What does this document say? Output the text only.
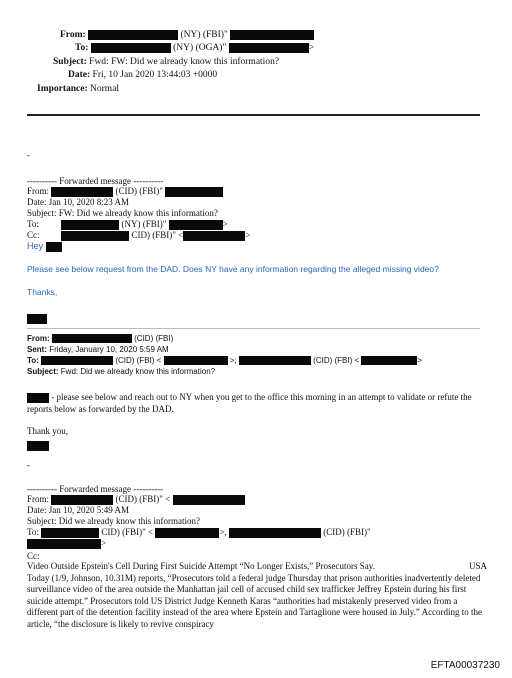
From:	(NY) (FBI)"
To:	(NY) (OGA)"	>
Subject: Fwd: FW: Did we already know this information?
Date: Fri, 10 Jan 2020 13:44:03 +0000
Importance: Normal
-
---------- Forwarded message ----------
From:	(CID) (FBI)"
Date: Jan 10, 2020 8:23 AM
Subject: FW: Did we already know this information?
To:	(NY) (FBI)"	>
Cc:	CID) (FBI)" <	>
Hey
Please see below request from the DAD. Does NY have any information regarding the alleged missing video?
Thanks,
From:	(CID) (FBI)
Sent: Friday, January 10, 2020 5:59 AM
To:	(CID) (FBI) <	>;	(CID) (FBI) <	>
Subject: Fwd: Did we already know this information?
- please see below and reach out to NY when you get to the office this morning in an attempt to validate or refute the reports below as forwarded by the DAD.
Thank you,
-
---------- Forwarded message ----------
From:	(CID) (FBI)" <
Date: Jan 10, 2020 5:49 AM
Subject: Did we already know this information?
To:	CID) (FBI)" <	>,	(CID) (FBI)"
>
Cc:
Video Outside Epstein's Cell During First Suicide Attempt “No Longer Exists,” Prosecutors Say.	USA
Today (1/9, Johnson, 10.31M) reports, “Prosecutors told a federal judge Thursday that prison authorities inadvertently deleted surveillance video of the area outside the Manhattan jail cell of accused child sex trafficker Jeffrey Epstein during his first suicide attempt.” Prosecutors told US District Judge Kenneth Karas “authorities had mistakenly preserved video from a different part of the detention facility instead of the area where Epstein and Tartaglione were housed in July.” According to the article, “the disclosure is likely to revive conspiracy
EFTA00037230
